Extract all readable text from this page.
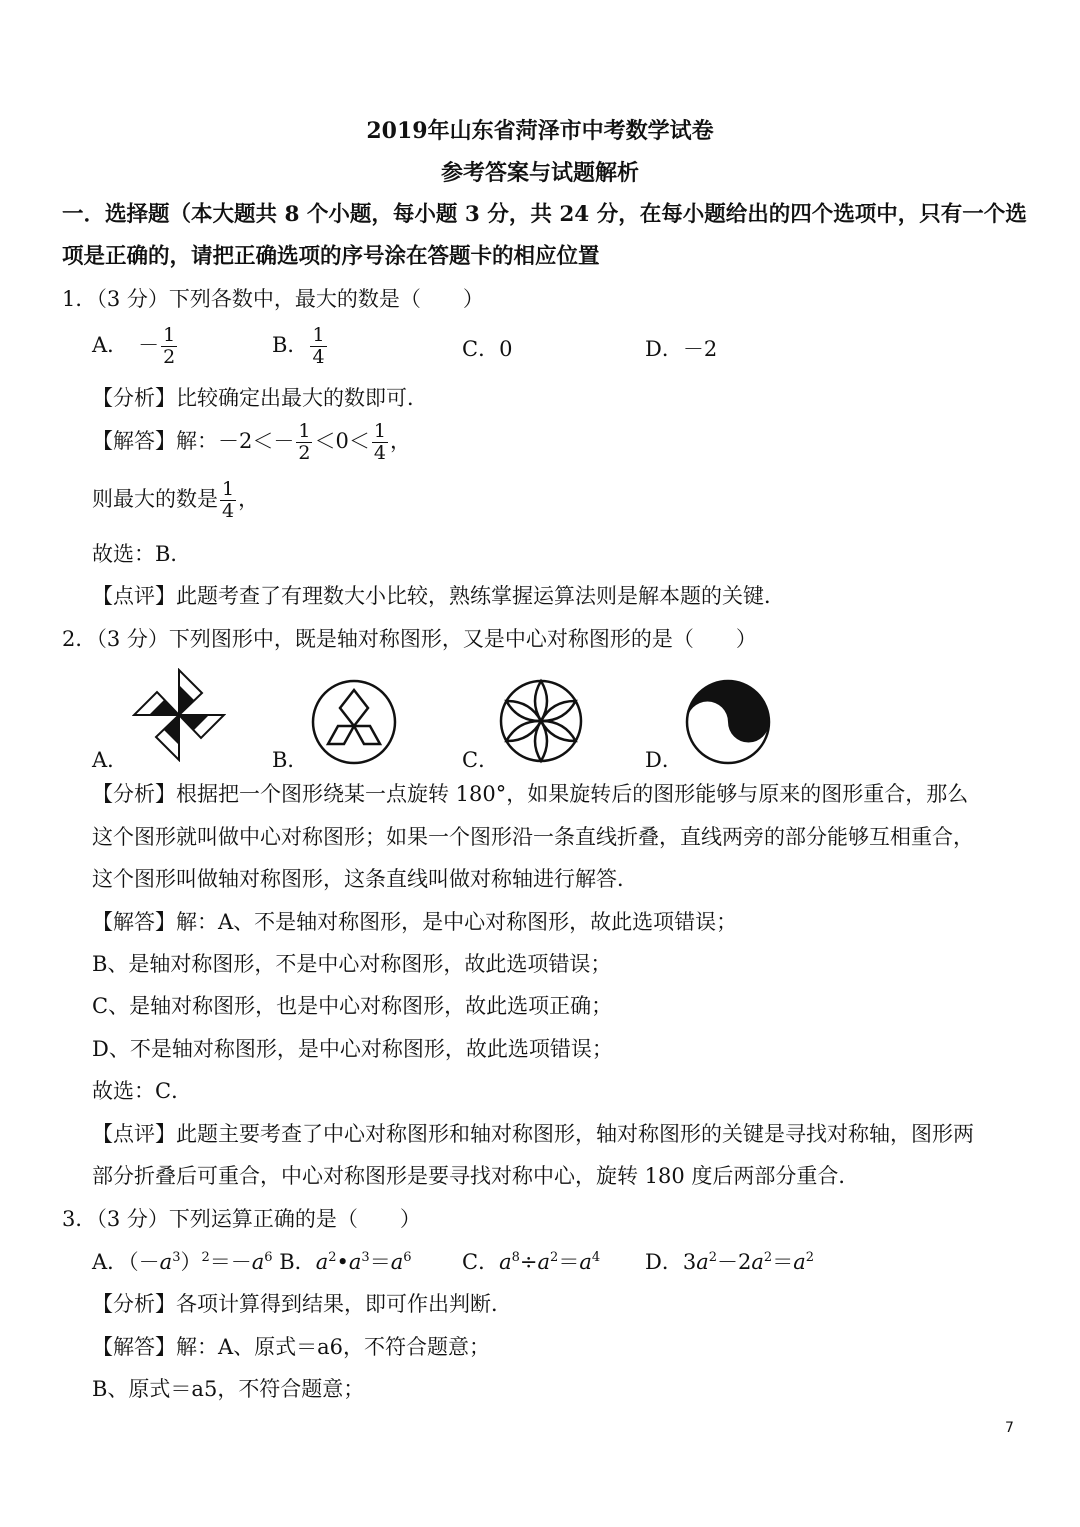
2019年山东省菏泽市中考数学试卷
参考答案与试题解析
一．选择题（本大题共 8 个小题，每小题 3 分，共 24 分，在每小题给出的四个选项中，只有一个选
项是正确的，请把正确选项的序号涂在答题卡的相应位置
1．（3 分）下列各数中，最大的数是（　　）
A． － $\frac{1}{2}$	B． $\frac{1}{4}$	C．0	D．－2
【分析】比较确定出最大的数即可．
【解答】解：$-2<- \frac{1}{2} <0< \frac{1}{4}$ ，
则最大的数是 $\frac{1}{4}$ ，
故选：B．
【点评】此题考查了有理数大小比较，熟练掌握运算法则是解本题的关键．
2．（3 分）下列图形中，既是轴对称图形，又是中心对称图形的是（　　）
A．	B．	C．	D．
【分析】根据把一个图形绕某一点旋转 180°，如果旋转后的图形能够与原来的图形重合，那么
这个图形就叫做中心对称图形；如果一个图形沿一条直线折叠，直线两旁的部分能够互相重合，
这个图形叫做轴对称图形，这条直线叫做对称轴进行解答．
【解答】解：A、不是轴对称图形，是中心对称图形，故此选项错误；
B、是轴对称图形，不是中心对称图形，故此选项错误；
C、是轴对称图形，也是中心对称图形，故此选项正确；
D、不是轴对称图形，是中心对称图形，故此选项错误；
故选：C．
【点评】此题主要考查了中心对称图形和轴对称图形，轴对称图形的关键是寻找对称轴，图形两
部分折叠后可重合，中心对称图形是要寻找对称中心，旋转 180 度后两部分重合．
3．（3 分）下列运算正确的是（　　）
A．$(-a^3)^2=-a^6$ B．$a^2•a^3=a^6$ C．$a^8\div a^2=a^4$ D．$3a^2-2a^2=a^2$
【分析】各项计算得到结果，即可作出判断．
【解答】解：A、原式＝a6，不符合题意；
B、原式＝a5，不符合题意；
7
